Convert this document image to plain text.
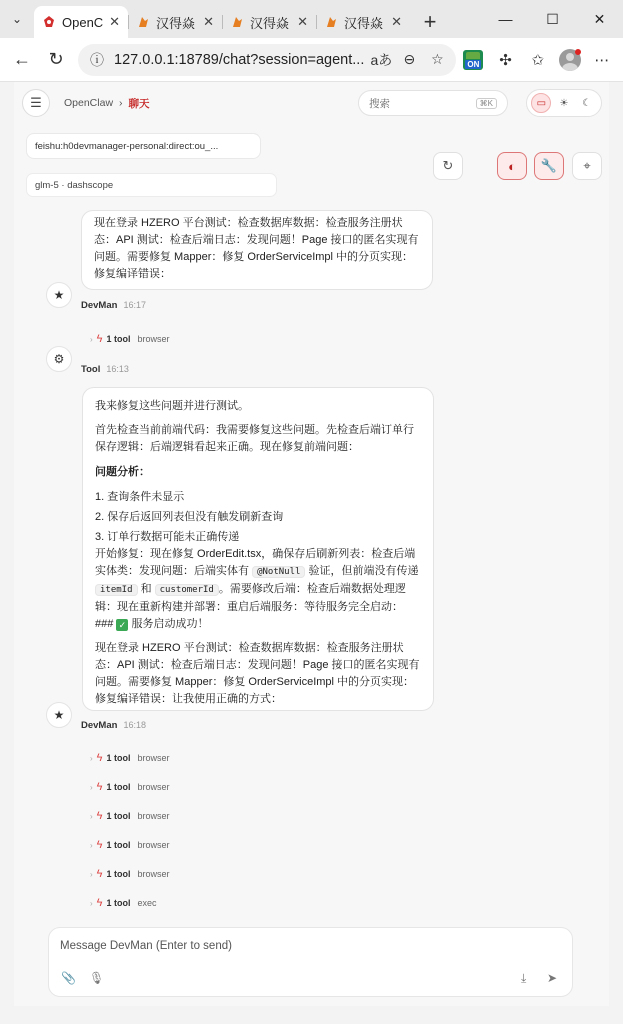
⌄	OpenC ✕	汉得焱 ✕	汉得焱 ✕	汉得焱 ✕ +	—	☐	✕
← ↻	ⓘ 127.0.0.1:18789/chat?session=agent... aあ ⊖	☆	ON	✣	✩	⋯
☰	OpenClaw › 聊天	搜索	⌘K	▭	☀	☾
feishu:h0devmanager-personal:direct:ou_...
glm-5 · dashscope
↻	◐	🔧	⌖

现在登录 HZERO 平台测试：检查数据库数据：检查服务注册状态：API 测试：检查后端日志：发现问题！Page 接口的匿名实现有问题。需要修复 Mapper：修复 OrderServiceImpl 中的分页实现：修复编译错误：

★
DevMan 16:17
› ϟ 1 tool browser
⚙
Tool 16:13

我来修复这些问题并进行测试。

首先检查当前前端代码：我需要修复这些问题。先检查后端订单行保存逻辑：后端逻辑看起来正确。现在修复前端问题：

问题分析：
1. 查询条件未显示
2. 保存后返回列表但没有触发刷新查询
3. 订单行数据可能未正确传递

开始修复：现在修复 OrderEdit.tsx，确保存后刷新列表：检查后端实体类：发现问题：后端实体有 @NotNull 验证，但前端没有传递 itemId 和 customerId 。需要修改后端：检查后端数据处理逻辑：现在重新构建并部署：重启后端服务：等待服务完全启动：### ✓ 服务启动成功！

现在登录 HZERO 平台测试：检查数据库数据：检查服务注册状态：API 测试：检查后端日志：发现问题！Page 接口的匿名实现有问题。需要修复 Mapper：修复 OrderServiceImpl 中的分页实现：修复编译错误：让我使用正确的方式：

★
DevMan 16:18
› ϟ 1 tool browser
› ϟ 1 tool browser
› ϟ 1 tool browser
› ϟ 1 tool browser
› ϟ 1 tool browser
› ϟ 1 tool exec
Message DevMan (Enter to send)
📎 🎙	⤓ ➤
